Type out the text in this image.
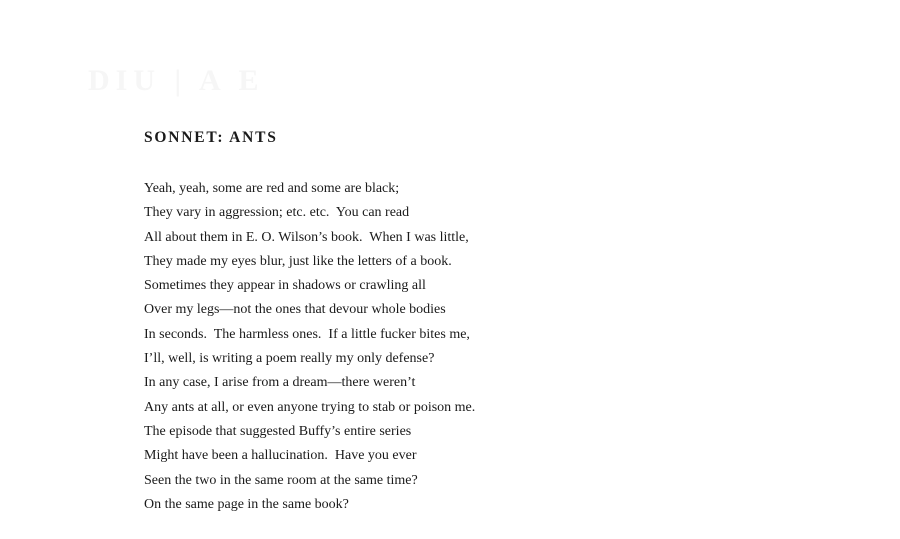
DIU | A E
SONNET: ANTS
Yeah, yeah, some are red and some are black;
They vary in aggression; etc. etc.  You can read
All about them in E. O. Wilson’s book.  When I was little,
They made my eyes blur, just like the letters of a book.
Sometimes they appear in shadows or crawling all
Over my legs—not the ones that devour whole bodies
In seconds.  The harmless ones.  If a little fucker bites me,
I’ll, well, is writing a poem really my only defense?
In any case, I arise from a dream—there weren’t
Any ants at all, or even anyone trying to stab or poison me.
The episode that suggested Buffy’s entire series
Might have been a hallucination.  Have you ever
Seen the two in the same room at the same time?
On the same page in the same book?
